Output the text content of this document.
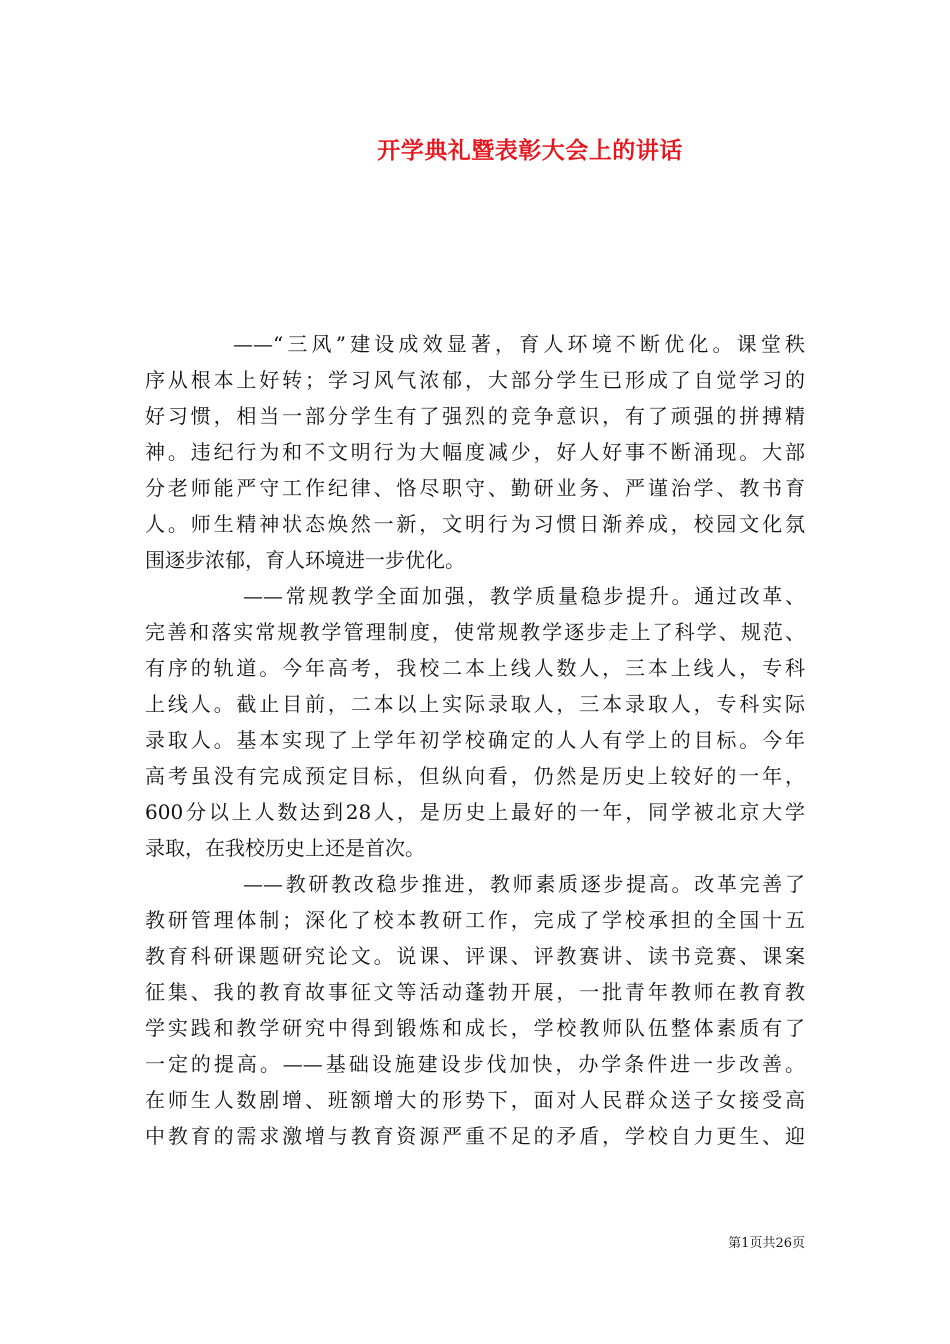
开学典礼暨表彰大会上的讲话
——“三风”建设成效显著，育人环境不断优化。课堂秩
序从根本上好转；学习风气浓郁，大部分学生已形成了自觉学习的
好习惯，相当一部分学生有了强烈的竞争意识，有了顽强的拼搏精
神。违纪行为和不文明行为大幅度减少，好人好事不断涌现。大部
分老师能严守工作纪律、恪尽职守、勤研业务、严谨治学、教书育
人。师生精神状态焕然一新，文明行为习惯日渐养成，校园文化氛
围逐步浓郁，育人环境进一步优化。
——常规教学全面加强，教学质量稳步提升。通过改革、
完善和落实常规教学管理制度，使常规教学逐步走上了科学、规范、
有序的轨道。今年高考，我校二本上线人数人，三本上线人，专科
上线人。截止目前，二本以上实际录取人，三本录取人，专科实际
录取人。基本实现了上学年初学校确定的人人有学上的目标。今年
高考虽没有完成预定目标，但纵向看，仍然是历史上较好的一年，
600分以上人数达到28人，是历史上最好的一年，同学被北京大学
录取，在我校历史上还是首次。
——教研教改稳步推进，教师素质逐步提高。改革完善了
教研管理体制；深化了校本教研工作，完成了学校承担的全国十五
教育科研课题研究论文。说课、评课、评教赛讲、读书竞赛、课案
征集、我的教育故事征文等活动蓬勃开展，一批青年教师在教育教
学实践和教学研究中得到锻炼和成长，学校教师队伍整体素质有了
一定的提高。——基础设施建设步伐加快，办学条件进一步改善。
在师生人数剧增、班额增大的形势下，面对人民群众送子女接受高
中教育的需求激增与教育资源严重不足的矛盾，学校自力更生、迎
第1页共26页
